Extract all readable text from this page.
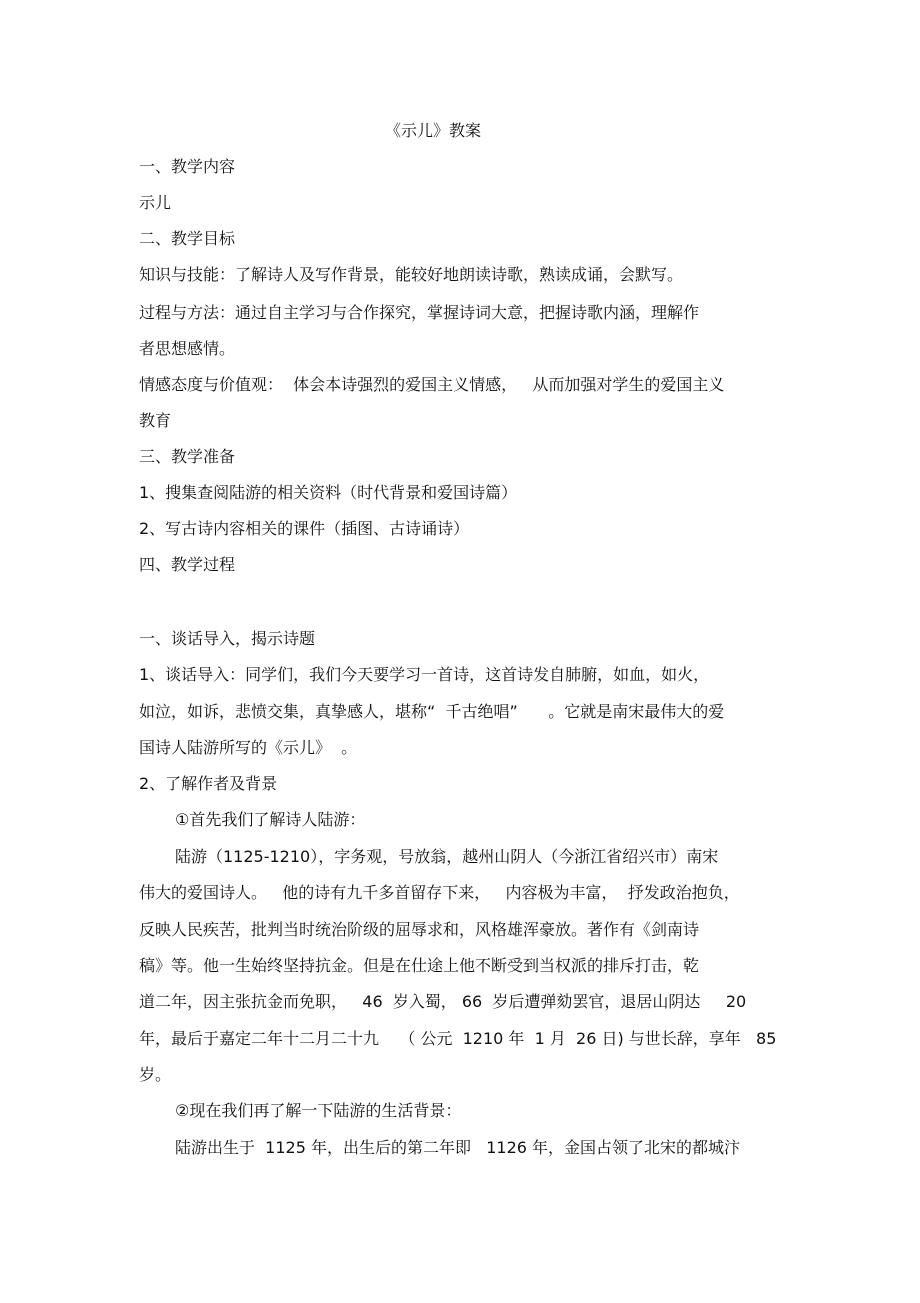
《示儿》教案
一、教学内容
示儿
二、教学目标
知识与技能：了解诗人及写作背景，能较好地朗读诗歌，熟读成诵，会默写。
过程与方法：通过自主学习与合作探究，掌握诗词大意，把握诗歌内涵，理解作
者思想感情。
情感态度与价值观：  体会本诗强烈的爱国主义情感，   从而加强对学生的爱国主义
教育
三、教学准备
1、搜集查阅陆游的相关资料（时代背景和爱国诗篇）
2、写古诗内容相关的课件（插图、古诗诵诗）
四、教学过程
一、谈话导入，揭示诗题
1、谈话导入：同学们，我们今天要学习一首诗，这首诗发自肺腑，如血，如火，
如泣，如诉，悲愤交集，真挚感人，堪称“  千古绝唱”      。它就是南宋最伟大的爱
国诗人陆游所写的《示儿》  。
2、了解作者及背景
①首先我们了解诗人陆游：
陆游（1125-1210），字务观，号放翁，越州山阴人（今浙江省绍兴市）南宋
伟大的爱国诗人。   他的诗有九千多首留存下来，   内容极为丰富，  抒发政治抱负，
反映人民疾苦，批判当时统治阶级的屈辱求和，风格雄浑豪放。著作有《剑南诗
稿》等。他一生始终坚持抗金。但是在仕途上他不断受到当权派的排斥打击，乾
道二年，因主张抗金而免职，   46  岁入蜀， 66  岁后遭弹劾罢官，退居山阴达     20
年，最后于嘉定二年十二月二十九    （ 公元  1210 年  1 月  26 日) 与世长辞，享年   85
岁。
②现在我们再了解一下陆游的生活背景：
陆游出生于  1125 年，出生后的第二年即   1126 年，金国占领了北宋的都城汴
